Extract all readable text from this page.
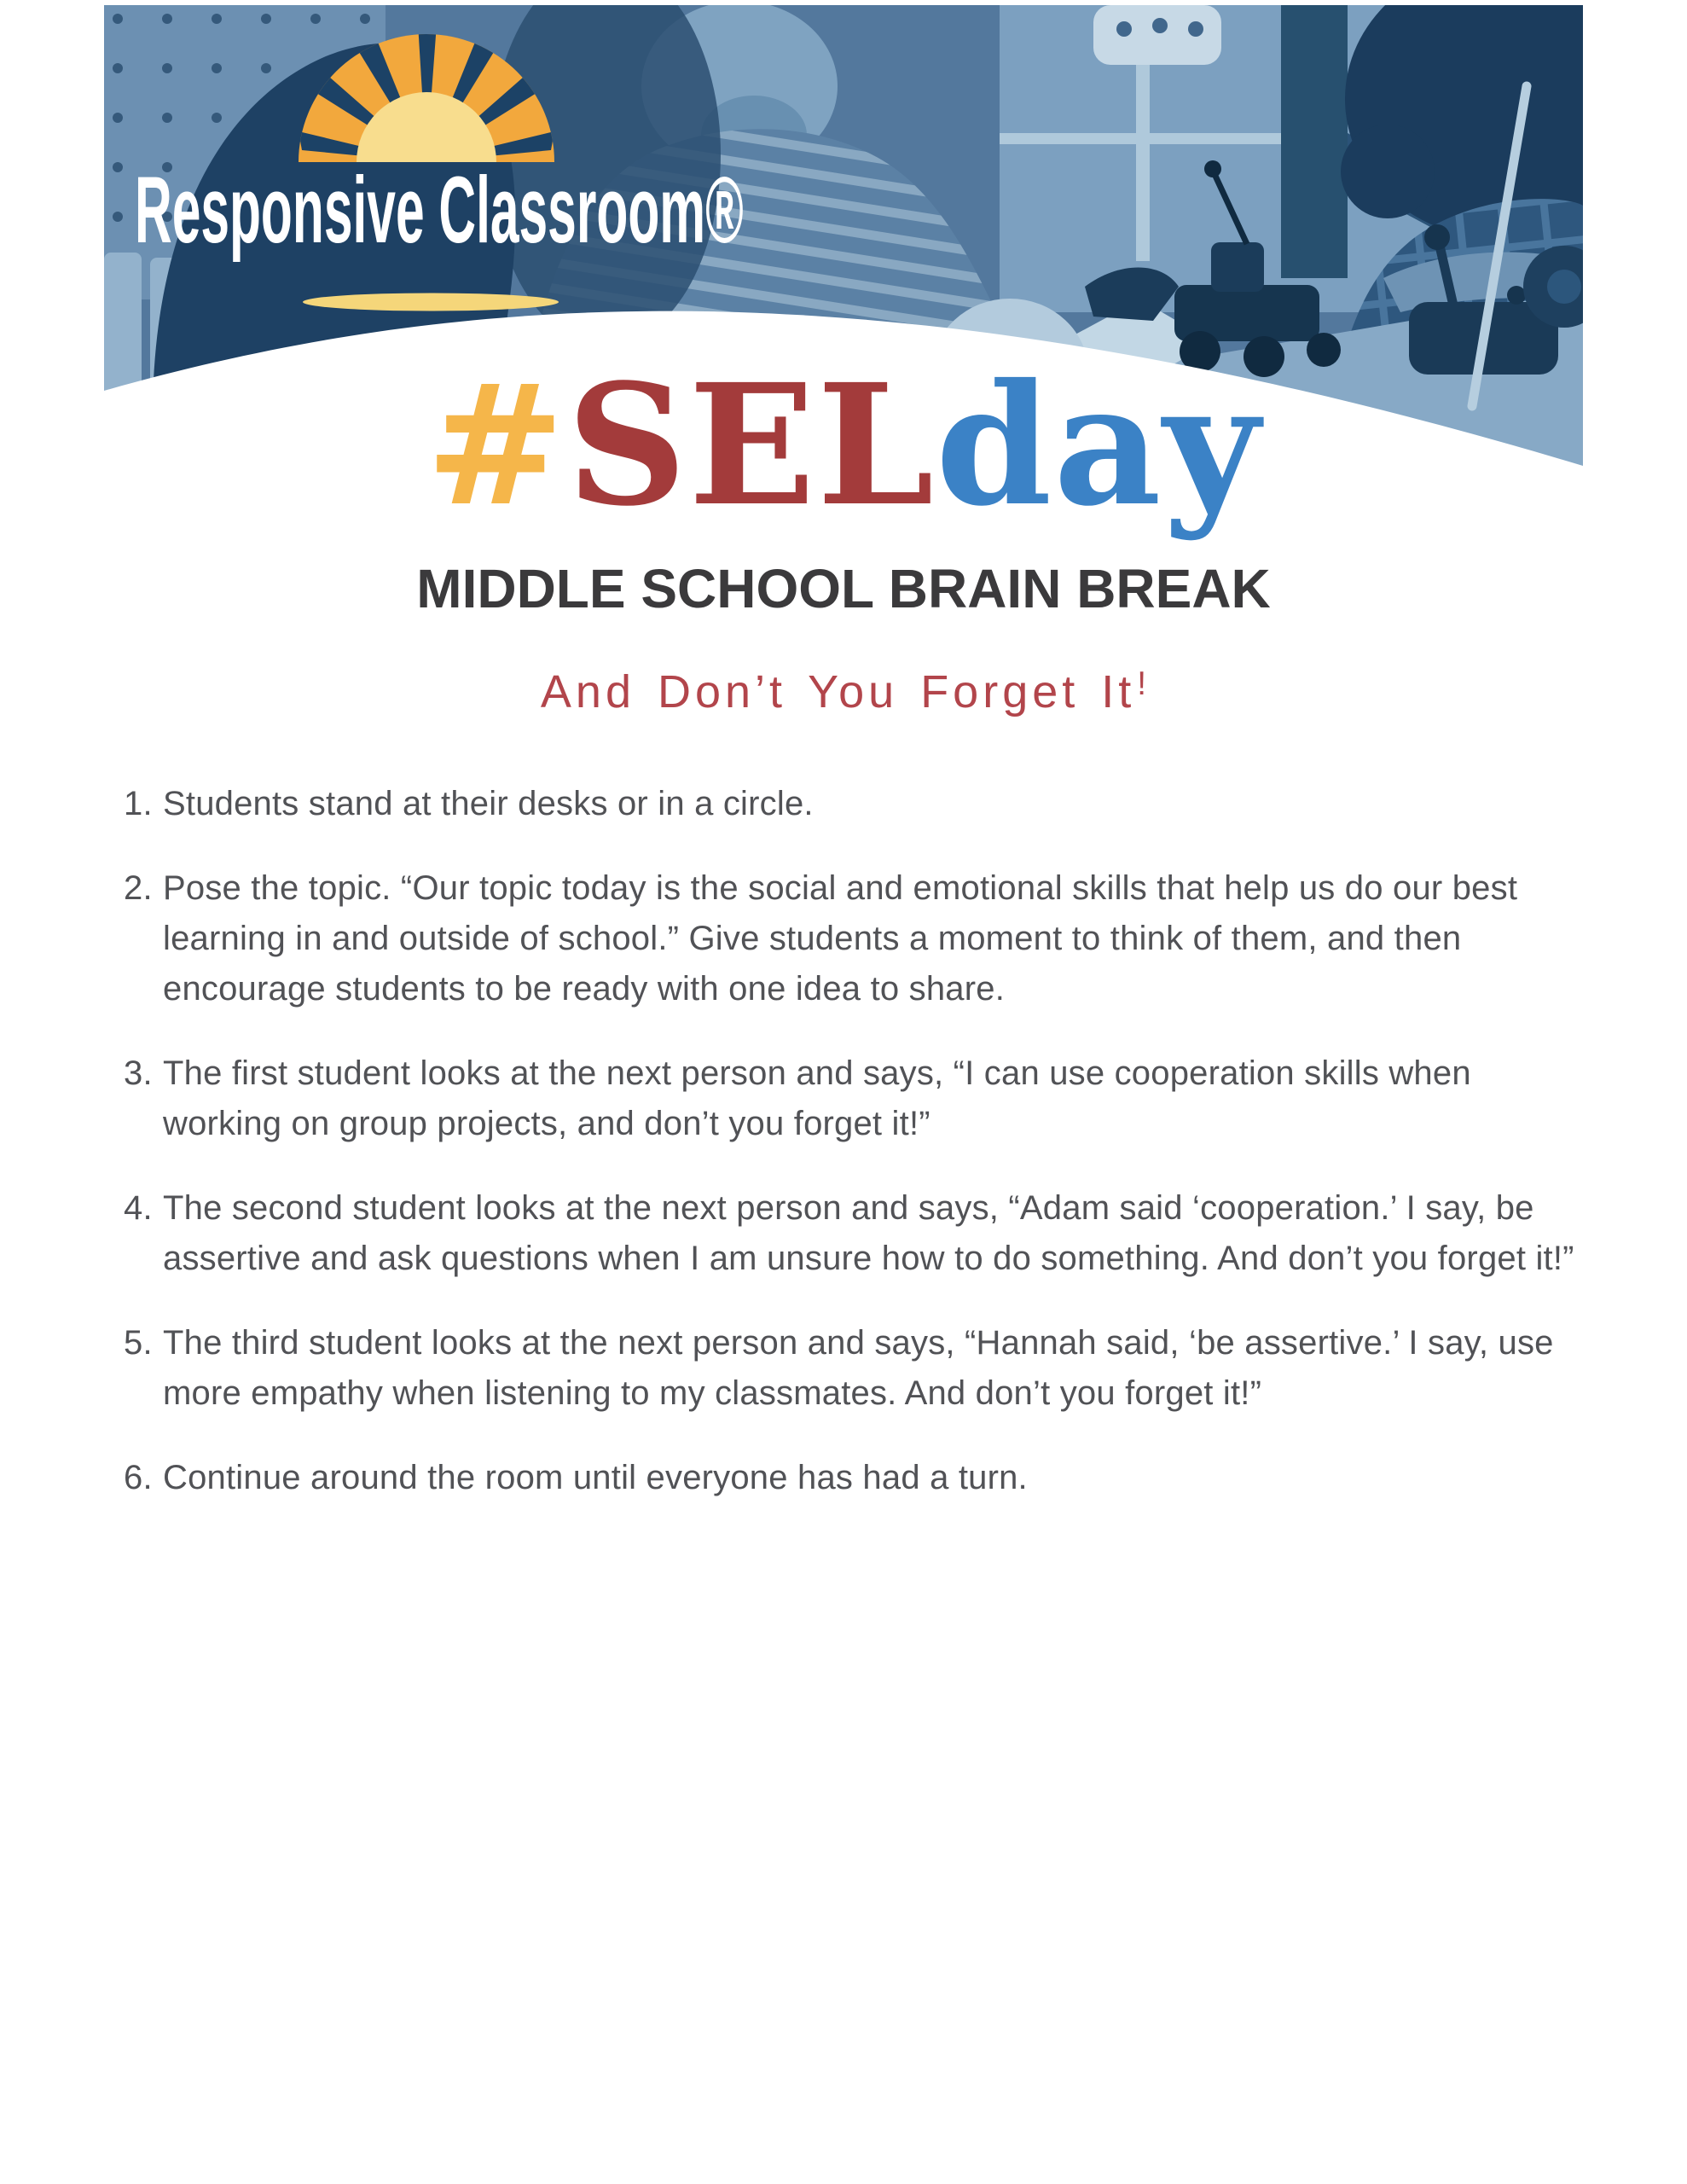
Responsive Classroom®
#SELday
MIDDLE SCHOOL BRAIN BREAK
And Don’t You Forget It!
1. Students stand at their desks or in a circle.
2. Pose the topic. “Our topic today is the social and emotional skills that help us do our best learning in and outside of school.” Give students a moment to think of them, and then encourage students to be ready with one idea to share.
3. The first student looks at the next person and says, “I can use cooperation skills when working on group projects, and don’t you forget it!”
4. The second student looks at the next person and says, “Adam said ‘cooperation.’ I say, be assertive and ask questions when I am unsure how to do something. And don’t you forget it!”
5. The third student looks at the next person and says, “Hannah said, ‘be assertive.’ I say, use more empathy when listening to my classmates. And don’t you forget it!”
6. Continue around the room until everyone has had a turn.
